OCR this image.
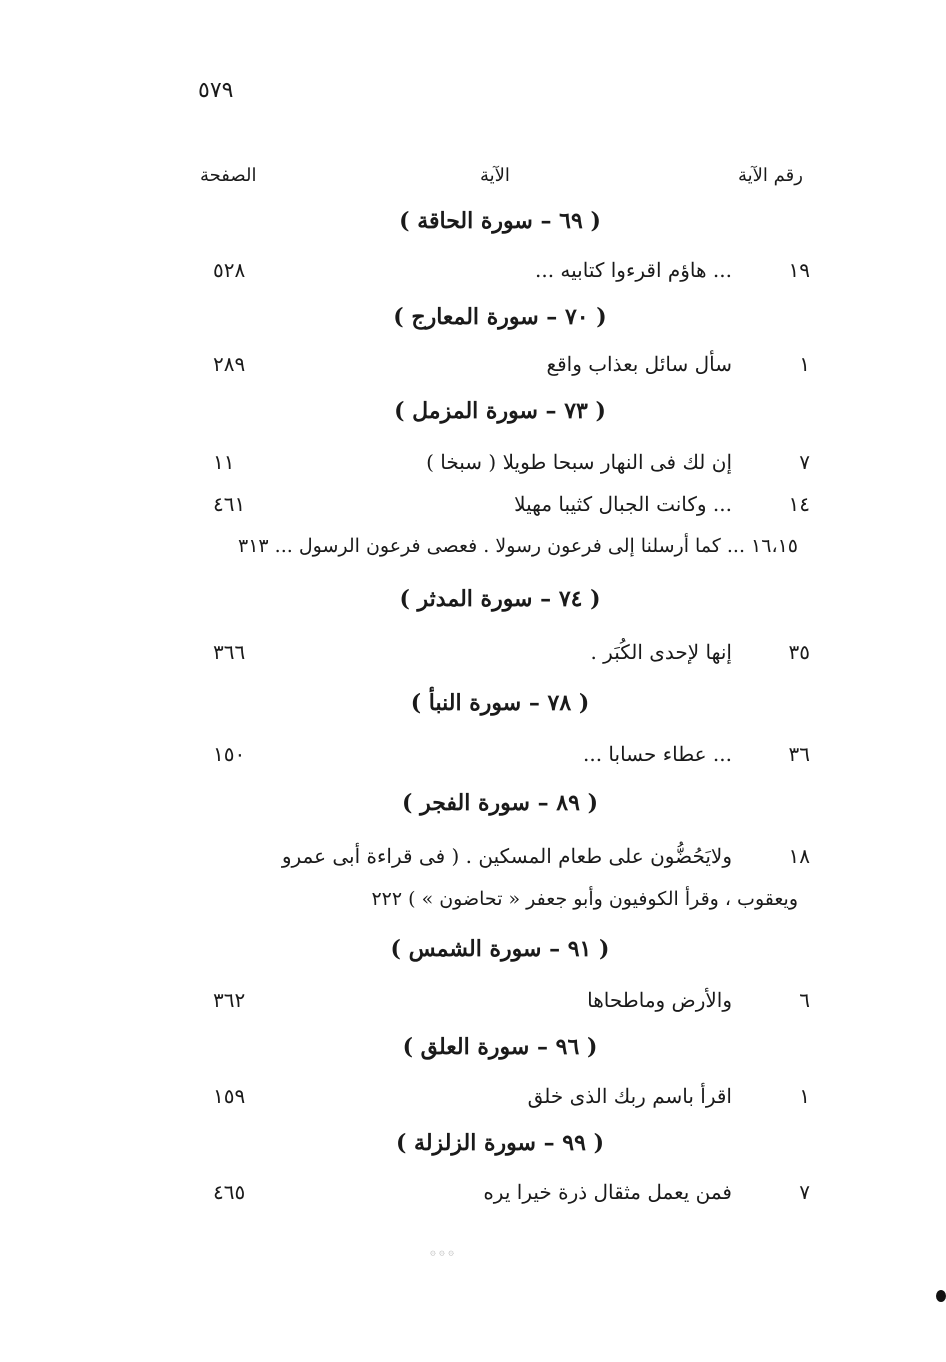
٥٧٩
الصفحة	الآية	رقم الآية
( ٦٩ – سورة الحاقة )
١٩
... هاؤم اقرءوا كتابيه ...
٥٢٨
( ٧٠ – سورة المعارج )
١
سأل سائل بعذاب واقع
٢٨٩
( ٧٣ – سورة المزمل )
٧
إن لك فى النهار سبحا طويلا ( سبخا )
١١
١٤
... وكانت الجبال كثيبا مهيلا
٤٦١
١٦،١٥ ... كما أرسلنا إلى فرعون رسولا . فعصى فرعون الرسول ... ٣١٣
( ٧٤ – سورة المدثر )
٣٥
إنها لإحدى الكُبَر .
٣٦٦
( ٧٨ – سورة النبأ )
٣٦
... عطاء حسابا ...
١٥٠
( ٨٩ – سورة الفجر )
١٨
ولايَحُضُّون على طعام المسكين . ( فى قراءة أبى عمرو
ويعقوب ، وقرأ الكوفيون وأبو جعفر « تحاضون » ) ٢٢٢
( ٩١ – سورة الشمس )
٦
والأرض وماطحاها
٣٦٢
( ٩٦ – سورة العلق )
١
اقرأ باسم ربك الذى خلق
١٥٩
( ٩٩ – سورة الزلزلة )
٧
فمن يعمل مثقال ذرة خيرا يره
٤٦٥
۞ ۞ ۞
